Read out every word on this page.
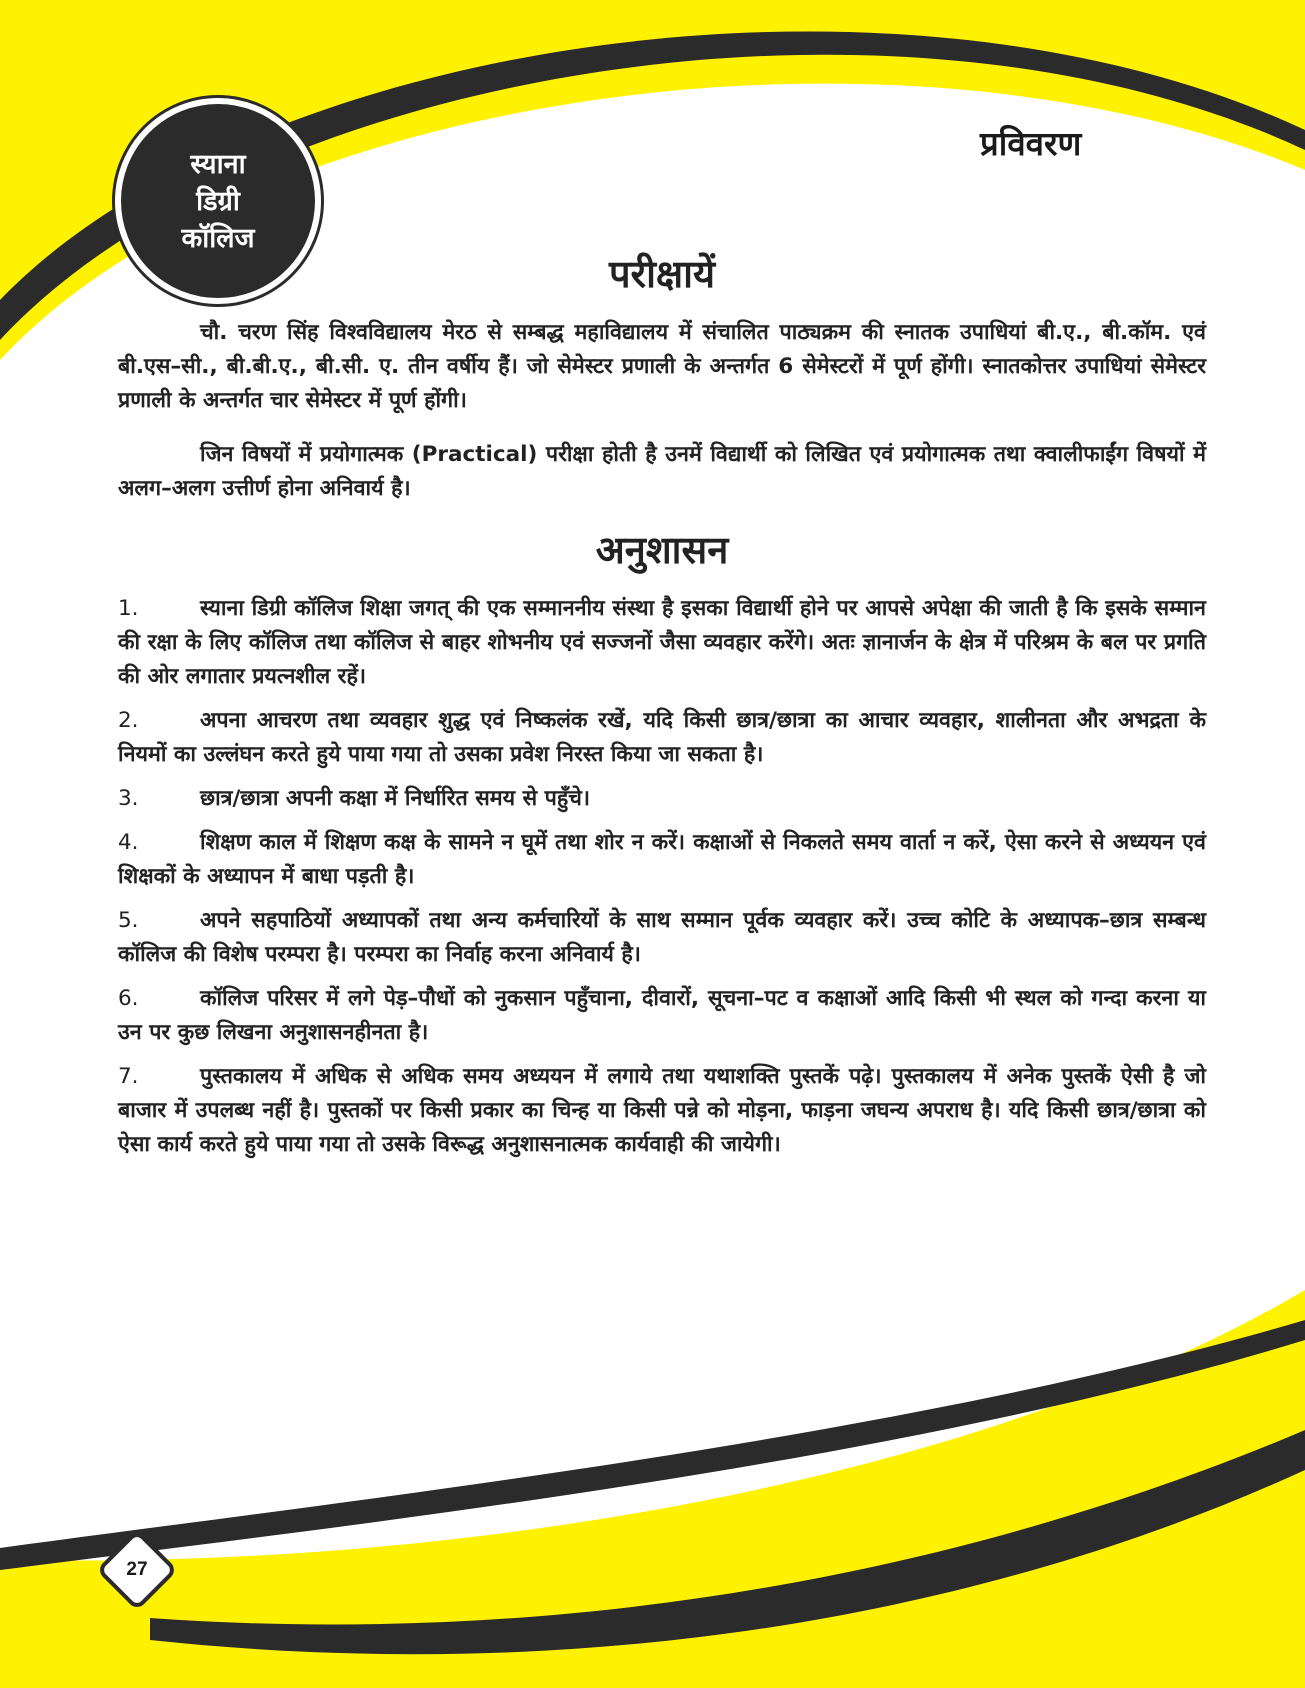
स्याना
डिग्री
कॉलिज
प्रविवरण
परीक्षायें

चौ. चरण सिंह विश्वविद्यालय मेरठ से सम्बद्ध महाविद्यालय में संचालित पाठ्यक्रम की स्नातक उपाधियां बी.ए., बी.कॉम. एवं बी.एस–सी., बी.बी.ए., बी.सी. ए. तीन वर्षीय हैं। जो सेमेस्टर प्रणाली के अन्तर्गत 6 सेमेस्टरों में पूर्ण होंगी। स्नातकोत्तर उपाधियां सेमेस्टर प्रणाली के अन्तर्गत चार सेमेस्टर में पूर्ण होंगी।

जिन विषयों में प्रयोगात्मक (Practical) परीक्षा होती है उनमें विद्यार्थी को लिखित एवं प्रयोगात्मक तथा क्वालीफाईंग विषयों में अलग–अलग उत्तीर्ण होना अनिवार्य है।

अनुशासन
1.	स्याना डिग्री कॉलिज शिक्षा जगत् की एक सम्माननीय संस्था है इसका विद्यार्थी होने पर आपसे अपेक्षा की जाती है कि इसके सम्मान की रक्षा के लिए कॉलिज तथा कॉलिज से बाहर शोभनीय एवं सज्जनों जैसा व्यवहार करेंगे। अतः ज्ञानार्जन के क्षेत्र में परिश्रम के बल पर प्रगति की ओर लगातार प्रयत्नशील रहें।
2.	अपना आचरण तथा व्यवहार शुद्ध एवं निष्कलंक रखें, यदि किसी छात्र/छात्रा का आचार व्यवहार, शालीनता और अभद्रता के नियमों का उल्लंघन करते हुये पाया गया तो उसका प्रवेश निरस्त किया जा सकता है।
3.	छात्र/छात्रा अपनी कक्षा में निर्धारित समय से पहुँचे।
4.	शिक्षण काल में शिक्षण कक्ष के सामने न घूमें तथा शोर न करें। कक्षाओं से निकलते समय वार्ता न करें, ऐसा करने से अध्ययन एवं शिक्षकों के अध्यापन में बाधा पड़ती है।
5.	अपने सहपाठियों अध्यापकों तथा अन्य कर्मचारियों के साथ सम्मान पूर्वक व्यवहार करें। उच्च कोटि के अध्यापक–छात्र सम्बन्ध कॉलिज की विशेष परम्परा है। परम्परा का निर्वाह करना अनिवार्य है।
6.	कॉलिज परिसर में लगे पेड़–पौधों को नुकसान पहुँचाना, दीवारों, सूचना–पट व कक्षाओं आदि किसी भी स्थल को गन्दा करना या उन पर कुछ लिखना अनुशासनहीनता है।
7.	पुस्तकालय में अधिक से अधिक समय अध्ययन में लगाये तथा यथाशक्ति पुस्तकें पढ़े। पुस्तकालय में अनेक पुस्तकें ऐसी है जो बाजार में उपलब्ध नहीं है। पुस्तकों पर किसी प्रकार का चिन्ह या किसी पन्ने को मोड़ना, फाड़ना जघन्य अपराध है। यदि किसी छात्र/छात्रा को ऐसा कार्य करते हुये पाया गया तो उसके विरूद्ध अनुशासनात्मक कार्यवाही की जायेगी।
27
